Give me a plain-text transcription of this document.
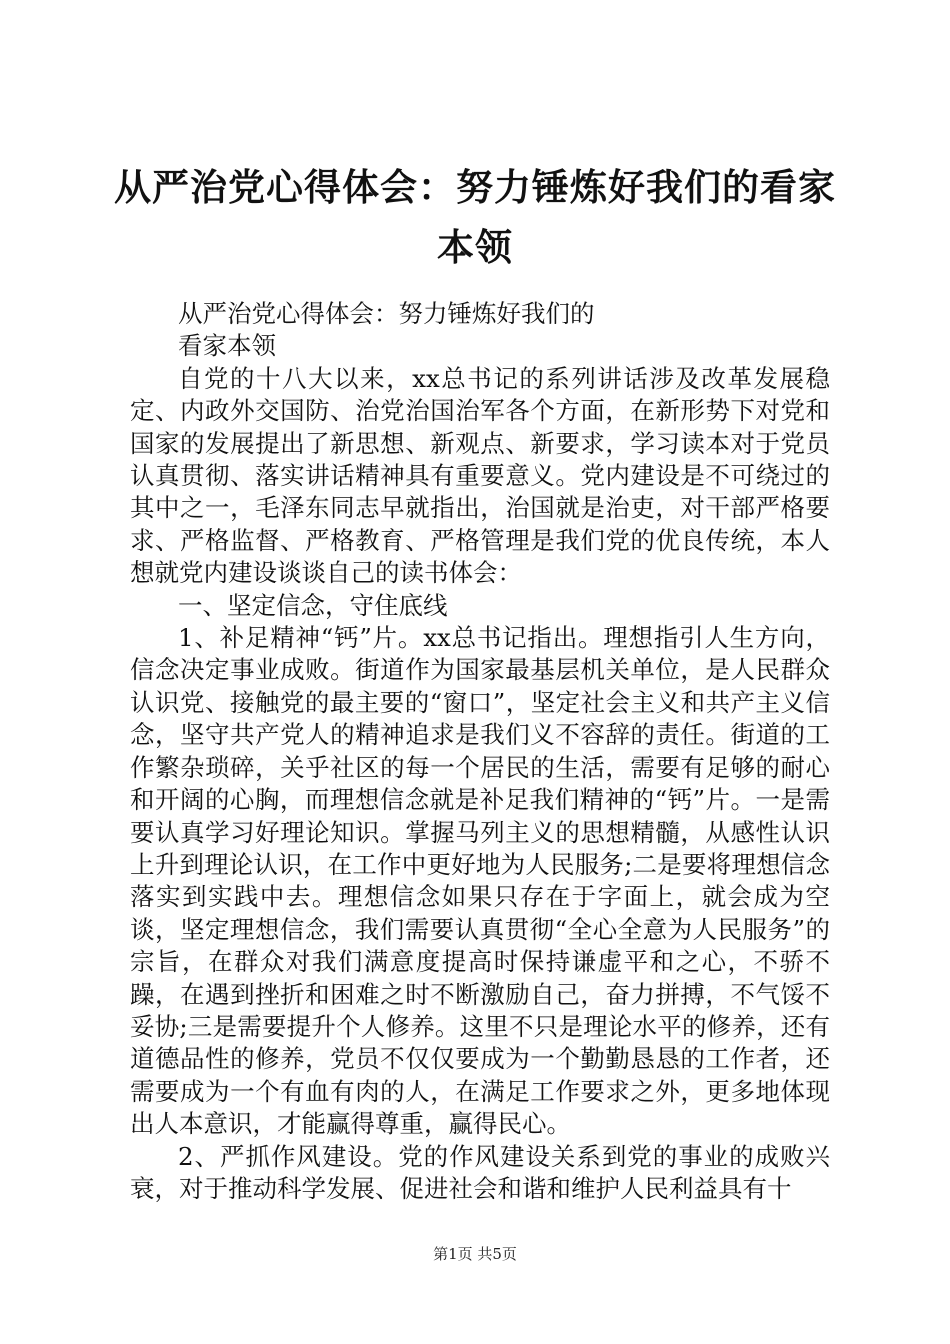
从严治党心得体会：努力锤炼好我们的看家本领

从严治党心得体会：努力锤炼好我们的

看家本领

自党的十八大以来，xx总书记的系列讲话涉及改革发展稳定、内政外交国防、治党治国治军各个方面，在新形势下对党和国家的发展提出了新思想、新观点、新要求，学习读本对于党员认真贯彻、落实讲话精神具有重要意义。党内建设是不可绕过的其中之一，毛泽东同志早就指出，治国就是治吏，对干部严格要求、严格监督、严格教育、严格管理是我们党的优良传统，本人想就党内建设谈谈自己的读书体会：

一、坚定信念，守住底线

1、补足精神“钙”片。xx总书记指出。理想指引人生方向，信念决定事业成败。街道作为国家最基层机关单位，是人民群众认识党、接触党的最主要的“窗口”，坚定社会主义和共产主义信念，坚守共产党人的精神追求是我们义不容辞的责任。街道的工作繁杂琐碎，关乎社区的每一个居民的生活，需要有足够的耐心和开阔的心胸，而理想信念就是补足我们精神的“钙”片。一是需要认真学习好理论知识。掌握马列主义的思想精髓，从感性认识上升到理论认识，在工作中更好地为人民服务;二是要将理想信念落实到实践中去。理想信念如果只存在于字面上，就会成为空谈，坚定理想信念，我们需要认真贯彻“全心全意为人民服务”的宗旨，在群众对我们满意度提高时保持谦虚平和之心，不骄不躁，在遇到挫折和困难之时不断激励自己，奋力拼搏，不气馁不妥协;三是需要提升个人修养。这里不只是理论水平的修养，还有道德品性的修养，党员不仅仅要成为一个勤勤恳恳的工作者，还需要成为一个有血有肉的人，在满足工作要求之外，更多地体现出人本意识，才能赢得尊重，赢得民心。

2、严抓作风建设。党的作风建设关系到党的事业的成败兴衰，对于推动科学发展、促进社会和谐和维护人民利益具有十

第1页 共5页
